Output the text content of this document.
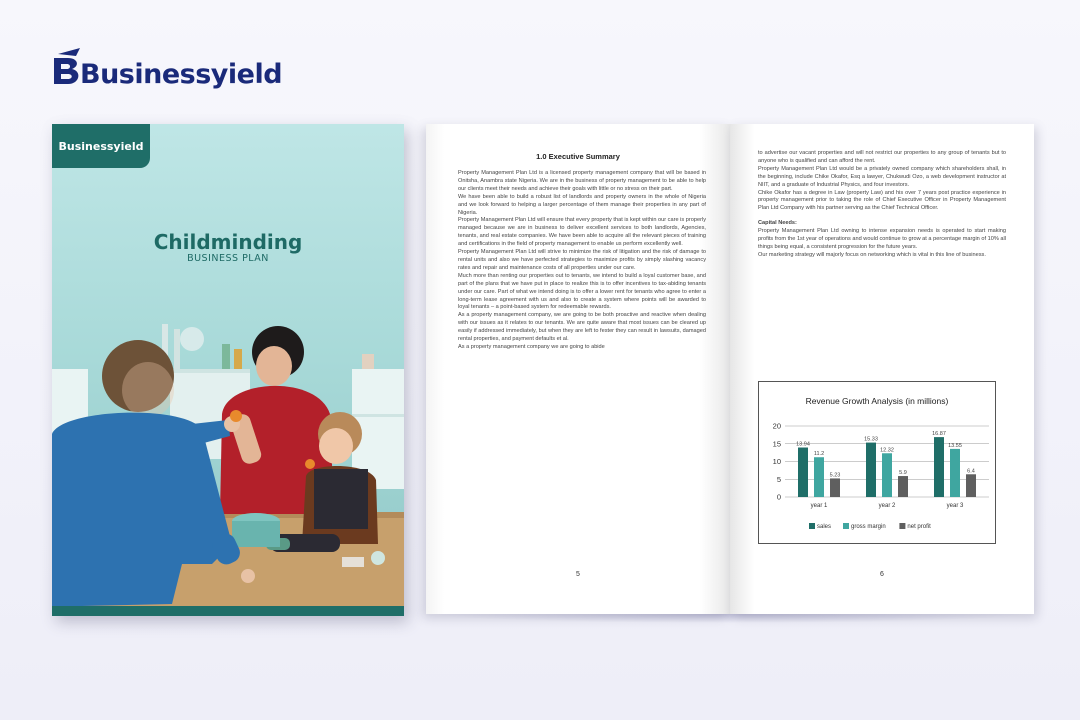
Businessyield
Businessyield
Childminding
BUSINESS PLAN
1.0 Executive Summary

Property Management Plan Ltd is a licensed property management company that will be based in Onitsha, Anambra state Nigeria. We are in the business of property management to be able to help our clients meet their needs and achieve their goals with little or no stress on their part.

We have been able to build a robust list of landlords and property owners in the whole of Nigeria and we look forward to helping a larger percentage of them manage their properties in any part of Nigeria.

Property Management Plan Ltd will ensure that every property that is kept within our care is properly managed because we are in business to deliver excellent services to both landlords, Agencies, tenants, and real estate companies. We have been able to acquire all the relevant pieces of training and certifications in the field of property management to enable us perform excellently well.

Property Management Plan Ltd will strive to minimize the risk of litigation and the risk of damage to rental units and also we have perfected strategies to maximize profits by simply slashing vacancy rates and repair and maintenance costs of all properties under our care.

Much more than renting our properties out to tenants, we intend to build a loyal customer base, and part of the plans that we have put in place to realize this is to offer incentives to tax-abiding tenants under our care. Part of what we intend doing is to offer a lower rent for tenants who agree to enter a long-term lease agreement with us and also to create a system where points will be awarded to loyal tenants – a point-based system for redeemable rewards.

As a property management company, we are going to be both proactive and reactive when dealing with our issues as it relates to our tenants. We are quite aware that most issues can be cleared up easily if addressed immediately, but when they are left to fester they can result in lawsuits, damaged rental properties, and payment defaults et al.

As a property management company we are going to abide

5

to advertise our vacant properties and will not restrict our properties to any group of tenants but to anyone who is qualified and can afford the rent.

Property Management Plan Ltd would be a privately owned company which shareholders shall, in the beginning, include Chike Okafor, Esq a lawyer, Chukwudi Ozo, a web development instructor at NIIT, and a graduate of Industrial Physics, and four investors.

Chike Okafor has a degree in Law (property Law) and his over 7 years post practice experience in property management prior to taking the role of Chief Executive Officer in Property Management Plan Ltd Company with his partner serving as the Chief Technical Officer.

Capital Needs:

Property Management Plan Ltd owning to intense expansion needs is operated to start making profits from the 1st year of operations and would continue to grow at a percentage margin of 10% all things being equal, a consistent progression for the future years.

Our marketing strategy will majorly focus on networking which is vital in this line of business.

Revenue Growth Analysis (in millions)
0
5
10
15
20
13.94
11.2
5.23
year 1
15.33
12.32
5.9
year 2
16.87
13.55
6.4
year 3
sales	gross margin	net profit
6
